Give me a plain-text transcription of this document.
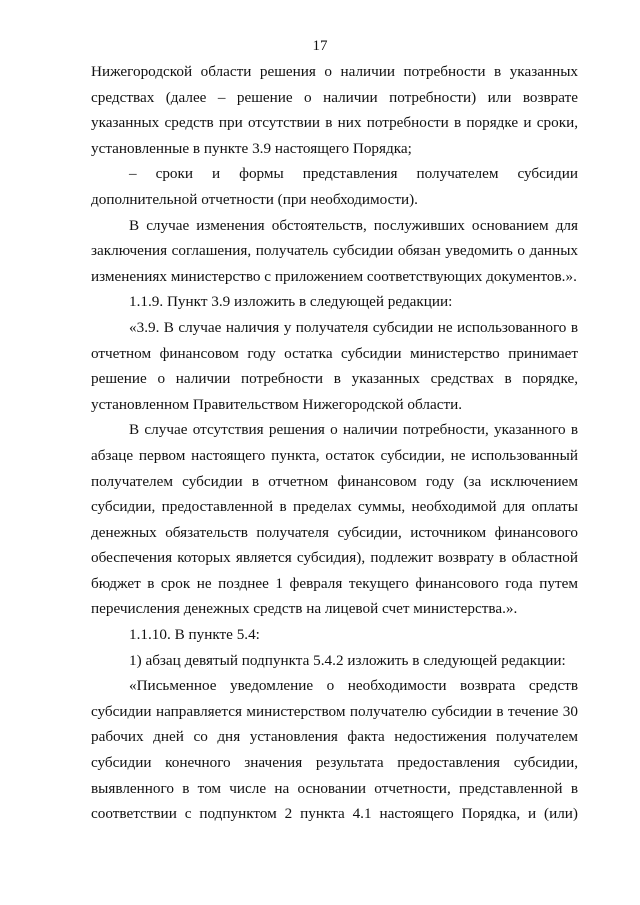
17

Нижегородской области решения о наличии потребности в указанных средствах (далее – решение о наличии потребности) или возврате указанных средств при отсутствии в них потребности в порядке и сроки, установленные в пункте 3.9 настоящего Порядка;

– сроки и формы представления получателем субсидии дополнительной отчетности (при необходимости).

В случае изменения обстоятельств, послуживших основанием для заключения соглашения, получатель субсидии обязан уведомить о данных изменениях министерство с приложением соответствующих документов.».

1.1.9. Пункт 3.9 изложить в следующей редакции:

«3.9. В случае наличия у получателя субсидии не использованного в отчетном финансовом году остатка субсидии министерство принимает решение о наличии потребности в указанных средствах в порядке, установленном Правительством Нижегородской области.

В случае отсутствия решения о наличии потребности, указанного в абзаце первом настоящего пункта, остаток субсидии, не использованный получателем субсидии в отчетном финансовом году (за исключением субсидии, предоставленной в пределах суммы, необходимой для оплаты денежных обязательств получателя субсидии, источником финансового обеспечения которых является субсидия), подлежит возврату в областной бюджет в срок не позднее 1 февраля текущего финансового года путем перечисления денежных средств на лицевой счет министерства.».

1.1.10. В пункте 5.4:

1) абзац девятый подпункта 5.4.2 изложить в следующей редакции:

«Письменное уведомление о необходимости возврата средств субсидии направляется министерством получателю субсидии в течение 30 рабочих дней со дня установления факта недостижения получателем субсидии конечного значения результата предоставления субсидии, выявленного в том числе на основании отчетности, представленной в соответствии с подпунктом 2 пункта 4.1 настоящего Порядка, и (или)
